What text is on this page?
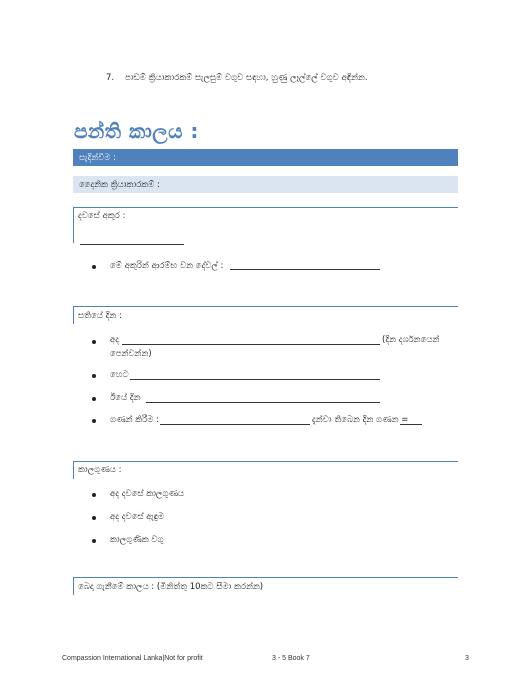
7. පාඩම් ක්‍රියාකාරකම් සැලසුම් වගුව සඳහා, හුණු ලෑල්ලේ වගුව අඳින්න.
පන්ති කාලය :
සැදින්විම :
දෛනික ක්‍රියාකාරකම් :
දවසේ අකුර :
මේ අකුරින් ආරම්භ වන දේවල් :
සතියේ දින :
අද	(දින දර්ශනයෙන්
පෙන්වන්න)
හෙට
ඊයේ දින
ගණන් කිරීම :	දැන්වා තිබෙන දින ගණන =
කාලගුණය :
අද දවසේ කාලගුණය
අද දවසේ ඇඳුම
කාලගුණික වගු
බෙදා ගැනීමේ කාලය : (මිනිත්තු 10කට සීමා කරන්න)
Compassion International Lanka|Not for profit	3 - 5 Book 7	3
